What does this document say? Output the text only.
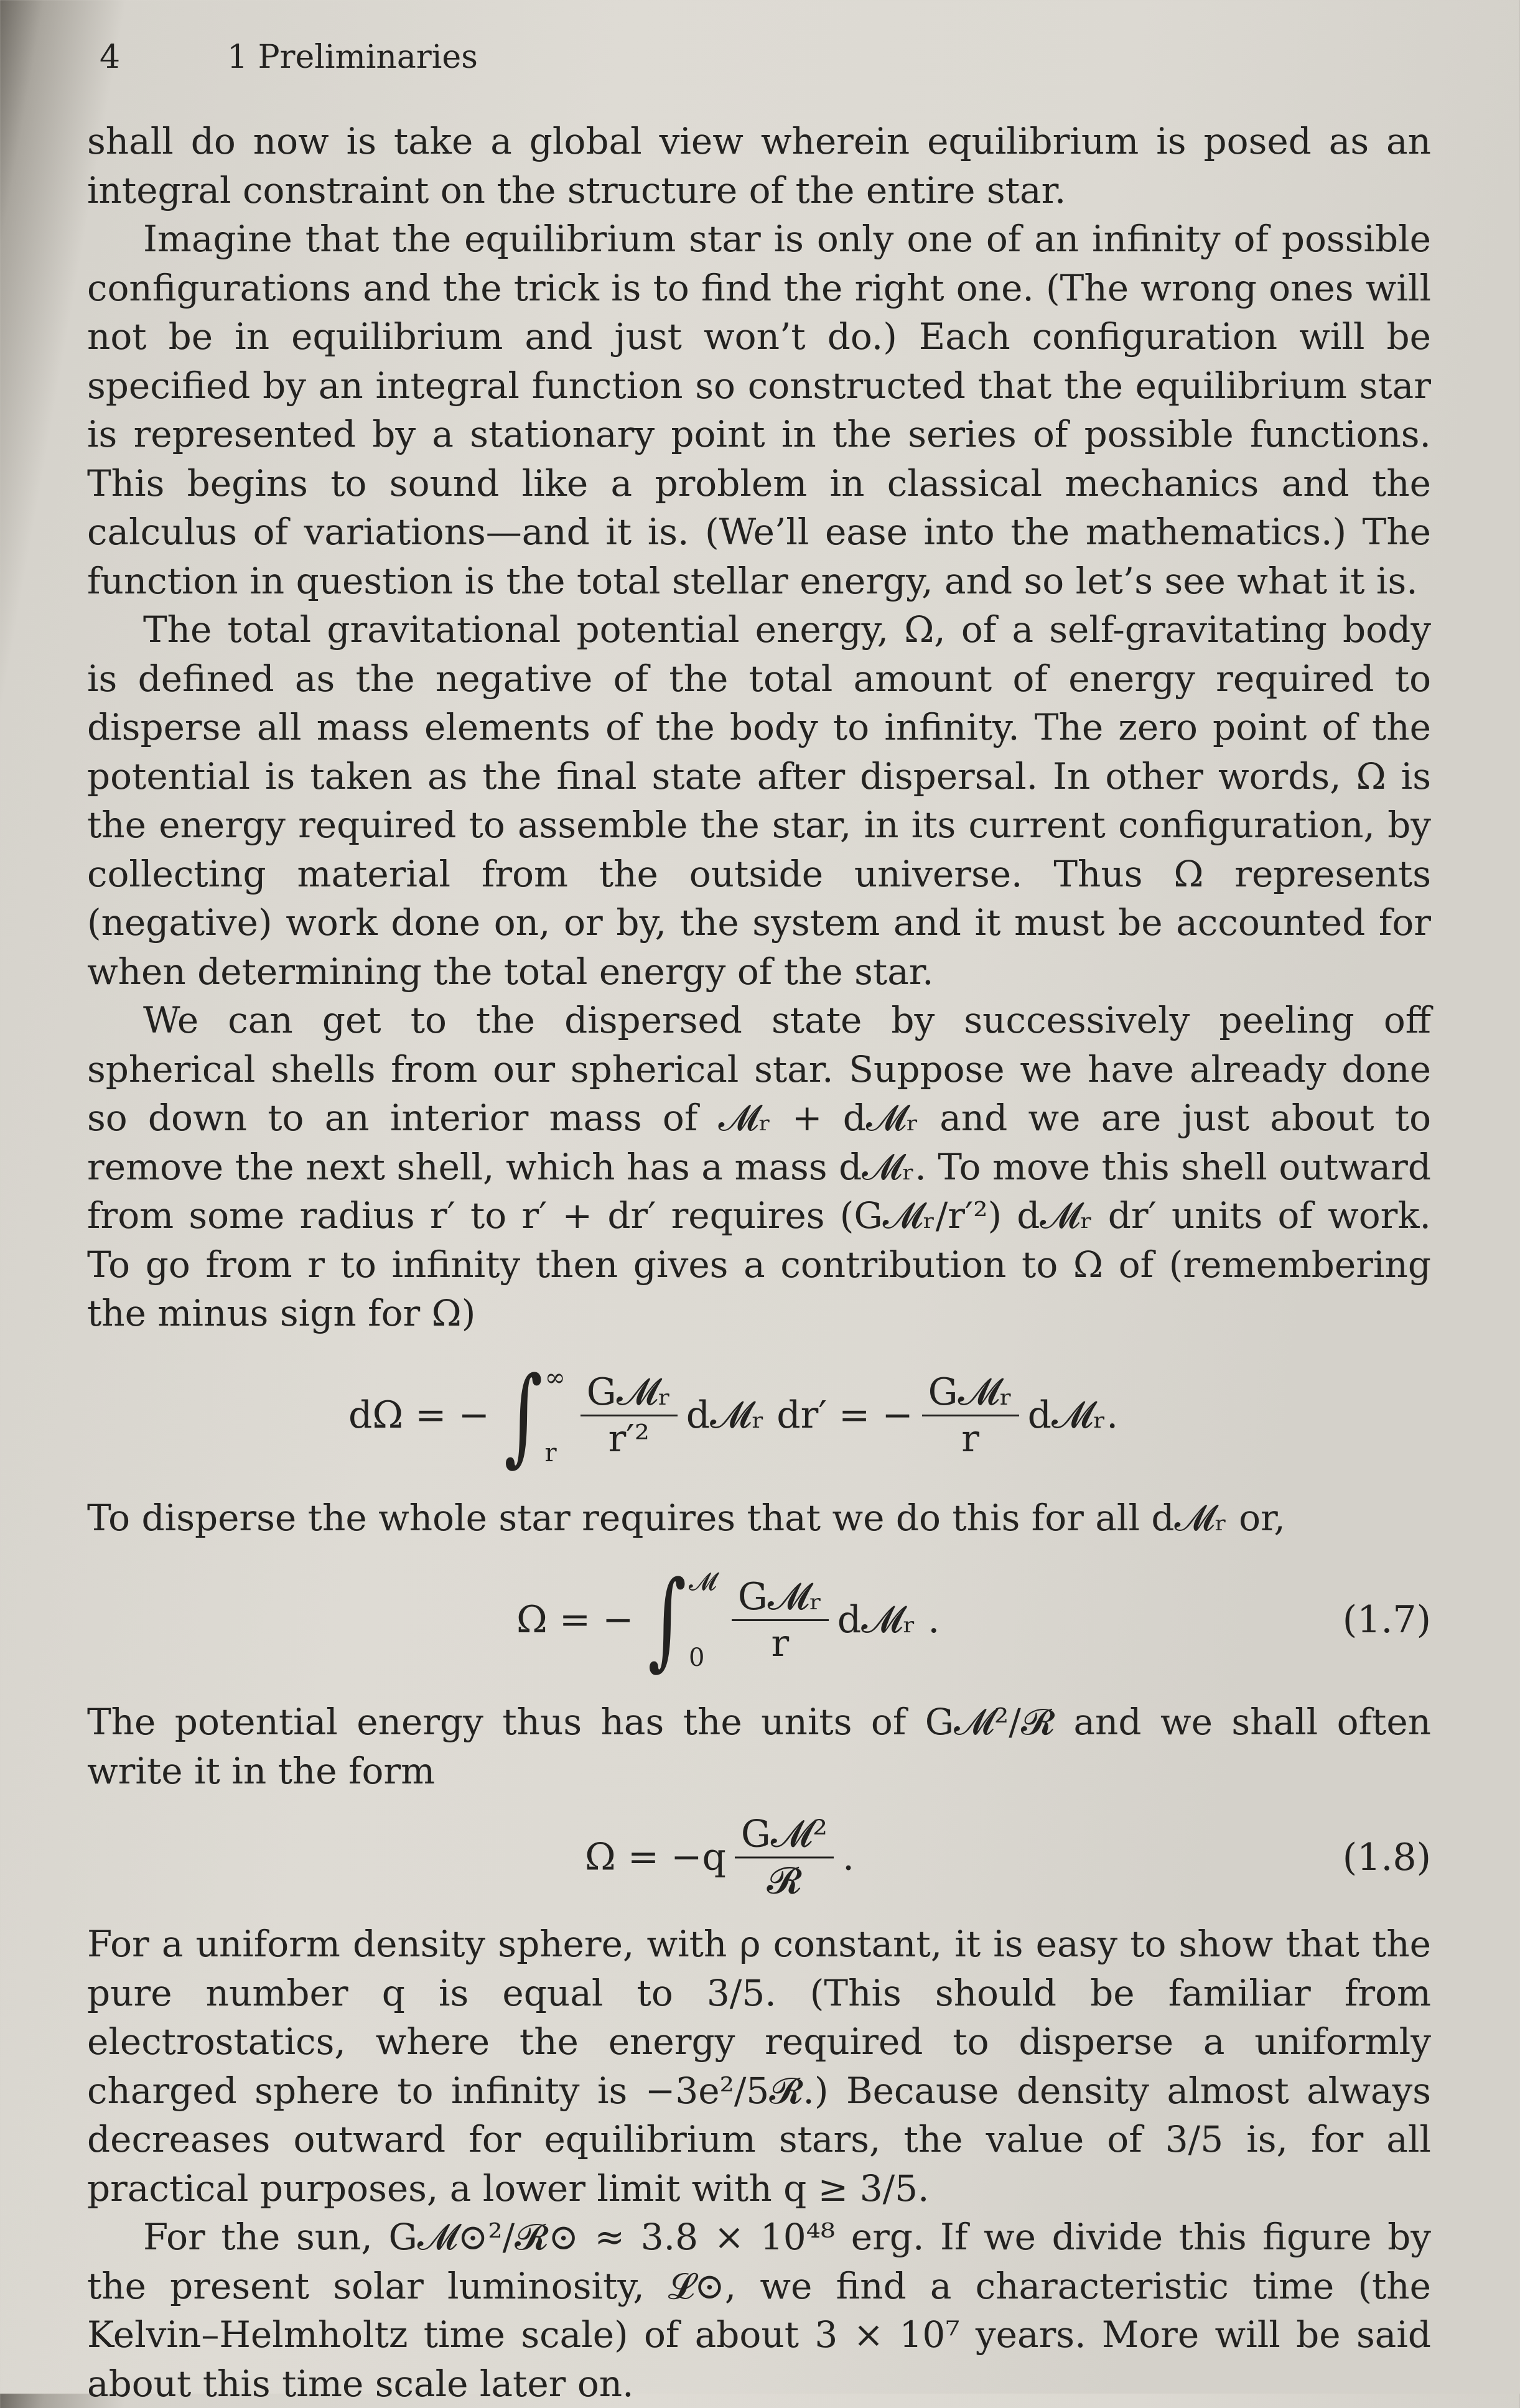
4	1 Preliminaries

shall do now is take a global view wherein equilibrium is posed as an integral constraint on the structure of the entire star.

Imagine that the equilibrium star is only one of an infinity of possible configurations and the trick is to find the right one. (The wrong ones will not be in equilibrium and just won’t do.) Each configuration will be specified by an integral function so constructed that the equilibrium star is represented by a stationary point in the series of possible functions. This begins to sound like a problem in classical mechanics and the calculus of variations—and it is. (We’ll ease into the mathematics.) The function in question is the total stellar energy, and so let’s see what it is.

The total gravitational potential energy, Ω, of a self-gravitating body is defined as the negative of the total amount of energy required to disperse all mass elements of the body to infinity. The zero point of the potential is taken as the final state after dispersal. In other words, Ω is the energy required to assemble the star, in its current configuration, by collecting material from the outside universe. Thus Ω represents (negative) work done on, or by, the system and it must be accounted for when determining the total energy of the star.

We can get to the dispersed state by successively peeling off spherical shells from our spherical star. Suppose we have already done so down to an interior mass of 𝓜ᵣ + d𝓜ᵣ and we are just about to remove the next shell, which has a mass d𝓜ᵣ. To move this shell outward from some radius r′ to r′ + dr′ requires (G𝓜ᵣ/r′²) d𝓜ᵣ dr′ units of work. To go from r to infinity then gives a contribution to Ω of (remembering the minus sign for Ω)

dΩ = − ∫ ∞
r $\frac{\text{G𝓜ᵣ}}{\text{r′²}}$ d𝓜ᵣ dr′ = − $\frac{\text{G𝓜ᵣ}}{r}$ d𝓜ᵣ.

To disperse the whole star requires that we do this for all d𝓜ᵣ or,

Ω = − ∫ 𝓜
$0 \frac{\text{G𝓜ᵣ}}{r}$ d𝓜ᵣ .	(1.7)

The potential energy thus has the units of G𝓜²/𝓡 and we shall often write it in the form

$\Omega = -q \frac{\text{G𝓜²}}{\text{𝓡}}$ .	(1.8)

For a uniform density sphere, with ρ constant, it is easy to show that the pure number q is equal to 3/5. (This should be familiar from electrostatics, where the energy required to disperse a uniformly charged sphere to infinity is −3e²/5𝓡.) Because density almost always decreases outward for equilibrium stars, the value of 3/5 is, for all practical purposes, a lower limit with q ≥ 3/5.

For the sun, G𝓜⊙²/𝓡⊙ ≈ 3.8 × 10⁴⁸ erg. If we divide this figure by the present solar luminosity, 𝓛⊙, we find a characteristic time (the Kelvin–Helmholtz time scale) of about 3 × 10⁷ years. More will be said about this time scale later on.
